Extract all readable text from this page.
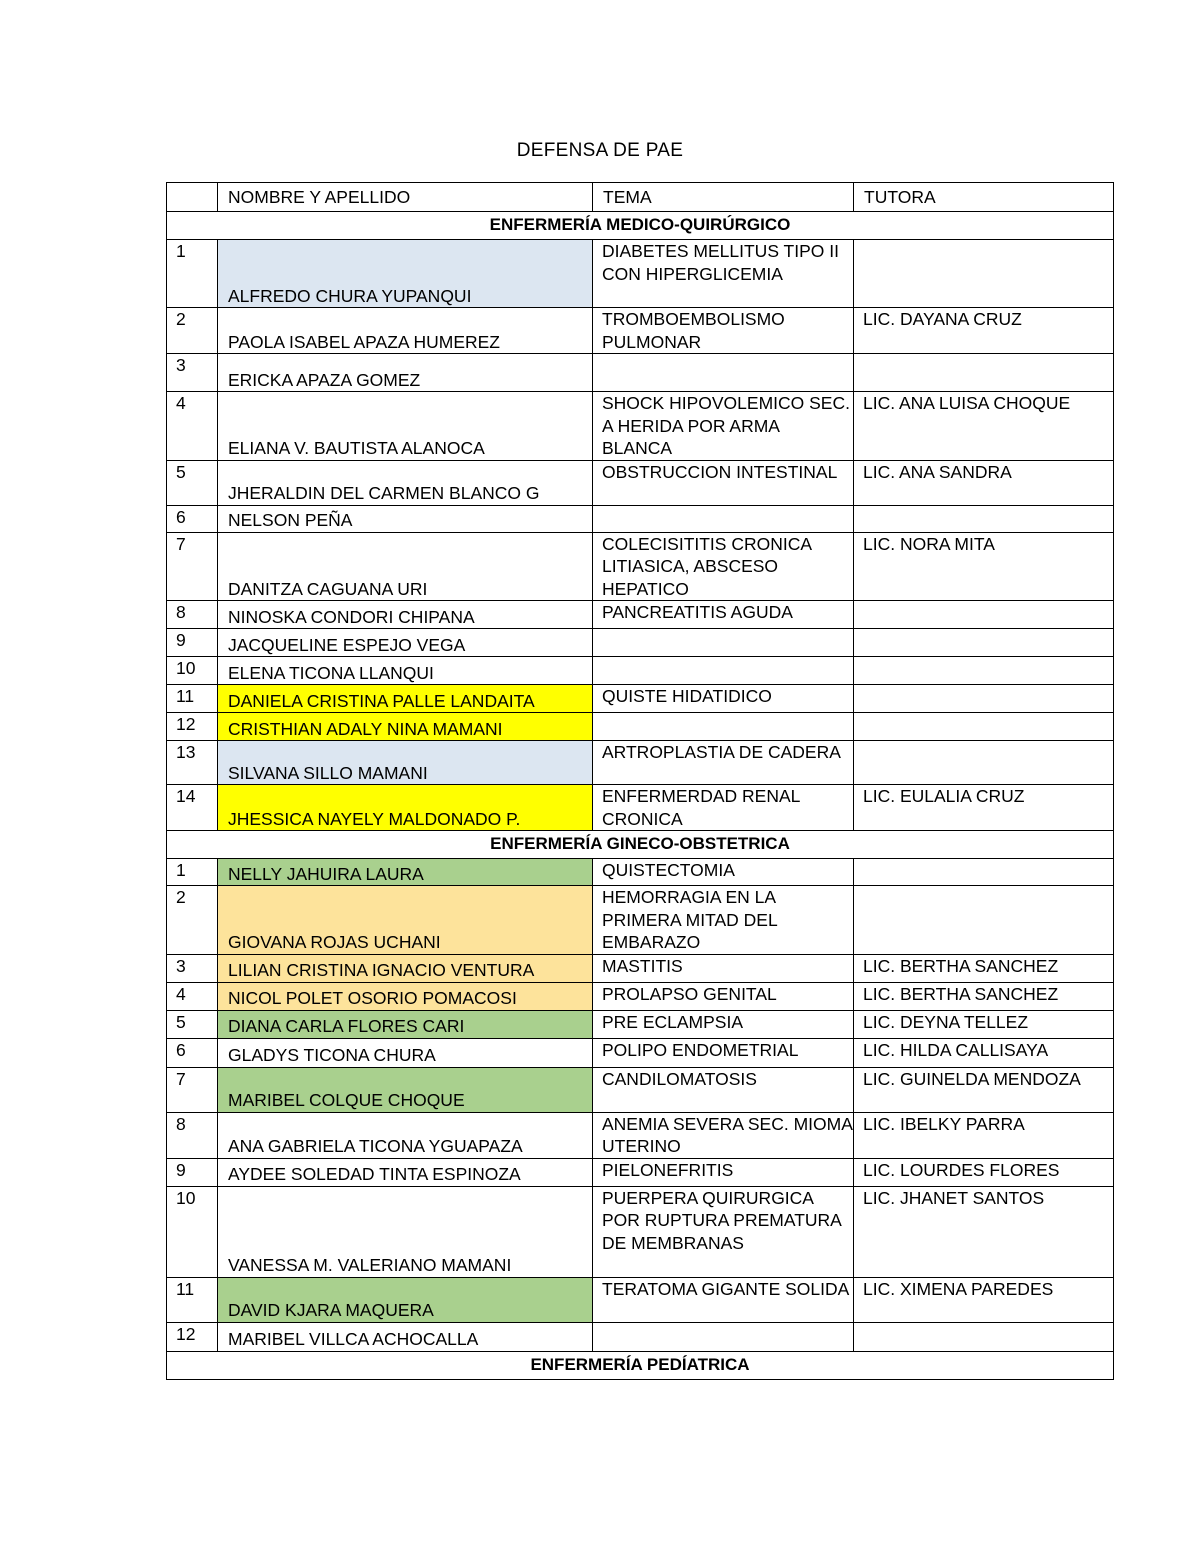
DEFENSA DE PAE
	NOMBRE Y APELLIDO	TEMA	TUTORA
ENFERMERÍA MEDICO-QUIRÚRGICO			
1	ALFREDO CHURA YUPANQUI	DIABETES MELLITUS TIPO II CON HIPERGLICEMIA	
2	PAOLA ISABEL APAZA HUMEREZ	TROMBOEMBOLISMO PULMONAR	LIC. DAYANA CRUZ
3	ERICKA APAZA GOMEZ		
4	ELIANA V. BAUTISTA ALANOCA	SHOCK HIPOVOLEMICO SEC. A HERIDA POR ARMA BLANCA	LIC. ANA LUISA CHOQUE
5	JHERALDIN DEL CARMEN BLANCO G	OBSTRUCCION INTESTINAL	LIC. ANA SANDRA
6	NELSON PEÑA		
7	DANITZA CAGUANA URI	COLECISITITIS CRONICA LITIASICA, ABSCESO HEPATICO	LIC. NORA MITA
8	NINOSKA CONDORI CHIPANA	PANCREATITIS AGUDA	
9	JACQUELINE ESPEJO VEGA		
10	ELENA TICONA LLANQUI		
11	DANIELA CRISTINA PALLE LANDAITA	QUISTE HIDATIDICO	
12	CRISTHIAN ADALY NINA MAMANI		
13	SILVANA SILLO MAMANI	ARTROPLASTIA DE CADERA	
14	JHESSICA NAYELY MALDONADO P.	ENFERMERDAD RENAL CRONICA	LIC. EULALIA CRUZ
ENFERMERÍA GINECO-OBSTETRICA			
1	NELLY JAHUIRA LAURA	QUISTECTOMIA	
2	GIOVANA ROJAS UCHANI	HEMORRAGIA EN LA PRIMERA MITAD DEL EMBARAZO	
3	LILIAN CRISTINA IGNACIO VENTURA	MASTITIS	LIC. BERTHA SANCHEZ
4	NICOL POLET OSORIO POMACOSI	PROLAPSO GENITAL	LIC. BERTHA SANCHEZ
5	DIANA CARLA FLORES CARI	PRE ECLAMPSIA	LIC. DEYNA TELLEZ
6	GLADYS TICONA CHURA	POLIPO ENDOMETRIAL	LIC. HILDA CALLISAYA
7	MARIBEL COLQUE CHOQUE	CANDILOMATOSIS	LIC. GUINELDA MENDOZA
8	ANA GABRIELA TICONA YGUAPAZA	ANEMIA SEVERA SEC. MIOMA UTERINO	LIC. IBELKY PARRA
9	AYDEE SOLEDAD TINTA ESPINOZA	PIELONEFRITIS	LIC. LOURDES FLORES
10	VANESSA M. VALERIANO MAMANI	PUERPERA QUIRURGICA POR RUPTURA PREMATURA DE MEMBRANAS	LIC. JHANET SANTOS
11	DAVID KJARA MAQUERA	TERATOMA GIGANTE SOLIDA	LIC. XIMENA PAREDES
12	MARIBEL VILLCA ACHOCALLA		
ENFERMERÍA PEDÍATRICA			
